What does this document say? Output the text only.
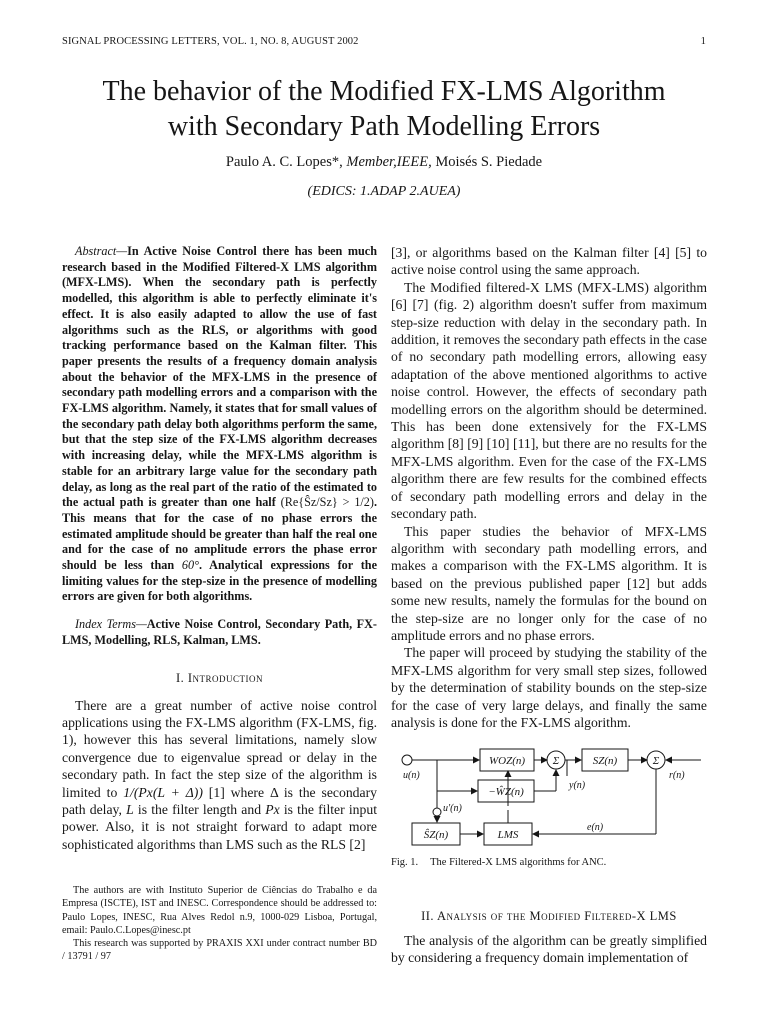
SIGNAL PROCESSING LETTERS, VOL. 1, NO. 8, AUGUST 2002	1
The behavior of the Modified FX-LMS Algorithm
with Secondary Path Modelling Errors
Paulo A. C. Lopes*, Member,IEEE, Moisés S. Piedade
(EDICS: 1.ADAP 2.AUEA)

Abstract—In Active Noise Control there has been much research based in the Modified Filtered-X LMS algorithm (MFX-LMS). When the secondary path is perfectly modelled, this algorithm is able to perfectly eliminate it's effect. It is also easily adapted to allow the use of fast algorithms such as the RLS, or algorithms with good tracking performance based on the Kalman filter. This paper presents the results of a frequency domain analysis about the behavior of the MFX-LMS in the presence of secondary path modelling errors and a comparison with the FX-LMS algorithm. Namely, it states that for small values of the secondary path delay both algorithms perform the same, but that the step size of the FX-LMS algorithm decreases with increasing delay, while the MFX-LMS algorithm is stable for an arbitrary large value for the secondary path delay, as long as the real part of the ratio of the estimated to the actual path is greater than one half (Re{Ŝz/Sz} > 1/2). This means that for the case of no phase errors the estimated amplitude should be greater than half the real one and for the case of no amplitude errors the phase error should be less than 60°. Analytical expressions for the limiting values for the step-size in the presence of modelling errors are given for both algorithms.

Index Terms—Active Noise Control, Secondary Path, FX-LMS, Modelling, RLS, Kalman, LMS.

I. Introduction

There are a great number of active noise control applications using the FX-LMS algorithm (FX-LMS, fig. 1), however this has several limitations, namely slow convergence due to eigenvalue spread or delay in the secondary path. In fact the step size of the algorithm is limited to 1/(Px(L + Δ)) [1] where Δ is the secondary path delay, L is the filter length and Px is the filter input power. Also, it is not straight forward to adapt more sophisticated algorithms than LMS such as the RLS [2]

The authors are with Instituto Superior de Ciências do Trabalho e da Empresa (ISCTE), IST and INESC. Correspondence should be addressed to: Paulo Lopes, INESC, Rua Alves Redol n.9, 1000-029 Lisboa, Portugal, email: Paulo.C.Lopes@inesc.pt

This research was supported by PRAXIS XXI under contract number BD / 13791 / 97

[3], or algorithms based on the Kalman filter [4] [5] to active noise control using the same approach.

The Modified filtered-X LMS (MFX-LMS) algorithm [6] [7] (fig. 2) algorithm doesn't suffer from maximum step-size reduction with delay in the secondary path. In addition, it removes the secondary path effects in the case of no secondary path modelling errors, allowing easy adaptation of the above mentioned algorithms to active noise control. However, the effects of secondary path modelling errors on the algorithm should be determined. This has been done extensively for the FX-LMS algorithm [8] [9] [10] [11], but there are no results for the MFX-LMS algorithm. Even for the case of the FX-LMS algorithm there are few results for the combined effects of secondary path modelling errors and delay in the secondary path.

This paper studies the behavior of MFX-LMS algorithm with secondary path modelling errors, and makes a comparison with the FX-LMS algorithm. It is based on the previous published paper [12] but adds some new results, namely the formulas for the bound on the step-size are no longer only for the case of no amplitude errors and no phase errors.

The paper will proceed by studying the stability of the MFX-LMS algorithm for very small step sizes, followed by the determination of stability bounds on the step-size for the case of very large delays, and finally the same analysis is done for the FX-LMS algorithm.

Σ	Σ
WOZ(n)	SZ(n)
−ŴZ(n)
ŜZ(n)	LMS
u(n)
y(n)
u'(n)
e(n)
r(n)
Fig. 1. The Filtered-X LMS algorithms for ANC.
II. Analysis of the Modified Filtered-X LMS

The analysis of the algorithm can be greatly simplified by considering a frequency domain implementation of
